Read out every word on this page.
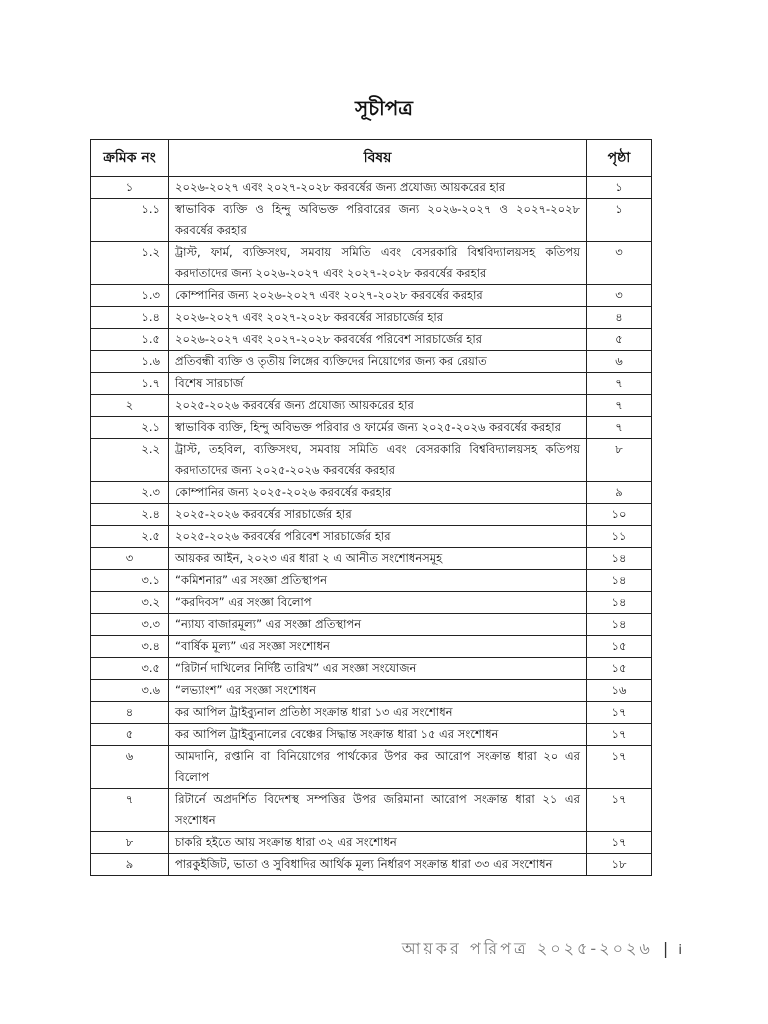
সূচীপত্র
ক্রমিক নং	বিষয়	পৃষ্ঠা
১	২০২৬-২০২৭ এবং ২০২৭-২০২৮ করবর্ষের জন্য প্রযোজ্য আয়করের হার	১
১.১	স্বাভাবিক ব্যক্তি ও হিন্দু অবিভক্ত পরিবারের জন্য ২০২৬-২০২৭ ও ২০২৭-২০২৮ করবর্ষের করহার	১
১.২	ট্রাস্ট, ফার্ম, ব্যক্তিসংঘ, সমবায় সমিতি এবং বেসরকারি বিশ্ববিদ্যালয়সহ কতিপয় করদাতাদের জন্য ২০২৬-২০২৭ এবং ২০২৭-২০২৮ করবর্ষের করহার	৩
১.৩	কোম্পানির জন্য ২০২৬-২০২৭ এবং ২০২৭-২০২৮ করবর্ষের করহার	৩
১.৪	২০২৬-২০২৭ এবং ২০২৭-২০২৮ করবর্ষের সারচার্জের হার	৪
১.৫	২০২৬-২০২৭ এবং ২০২৭-২০২৮ করবর্ষের পরিবেশ সারচার্জের হার	৫
১.৬	প্রতিবন্ধী ব্যক্তি ও তৃতীয় লিঙ্গের ব্যক্তিদের নিয়োগের জন্য কর রেয়াত	৬
১.৭	বিশেষ সারচার্জ	৭
২	২০২৫-২০২৬ করবর্ষের জন্য প্রযোজ্য আয়করের হার	৭
২.১	স্বাভাবিক ব্যক্তি, হিন্দু অবিভক্ত পরিবার ও ফার্মের জন্য ২০২৫-২০২৬ করবর্ষের করহার	৭
২.২	ট্রাস্ট, তহবিল, ব্যক্তিসংঘ, সমবায় সমিতি এবং বেসরকারি বিশ্ববিদ্যালয়সহ কতিপয় করদাতাদের জন্য ২০২৫-২০২৬ করবর্ষের করহার	৮
২.৩	কোম্পানির জন্য ২০২৫-২০২৬ করবর্ষের করহার	৯
২.৪	২০২৫-২০২৬ করবর্ষের সারচার্জের হার	১০
২.৫	২০২৫-২০২৬ করবর্ষের পরিবেশ সারচার্জের হার	১১
৩	আয়কর আইন, ২০২৩ এর ধারা ২ এ আনীত সংশোধনসমূহ	১৪
৩.১	“কমিশনার” এর সংজ্ঞা প্রতিস্থাপন	১৪
৩.২	“করদিবস” এর সংজ্ঞা বিলোপ	১৪
৩.৩	“ন্যায্য বাজারমূল্য” এর সংজ্ঞা প্রতিস্থাপন	১৪
৩.৪	“বার্ষিক মূল্য” এর সংজ্ঞা সংশোধন	১৫
৩.৫	“রিটার্ন দাখিলের নির্দিষ্ট তারিখ” এর সংজ্ঞা সংযোজন	১৫
৩.৬	“লভ্যাংশ” এর সংজ্ঞা সংশোধন	১৬
৪	কর আপিল ট্রাইব্যুনাল প্রতিষ্ঠা সংক্রান্ত ধারা ১৩ এর সংশোধন	১৭
৫	কর আপিল ট্রাইব্যুনালের বেঞ্চের সিদ্ধান্ত সংক্রান্ত ধারা ১৫ এর সংশোধন	১৭
৬	আমদানি, রপ্তানি বা বিনিয়োগের পার্থক্যের উপর কর আরোপ সংক্রান্ত ধারা ২০ এর বিলোপ	১৭
৭	রিটার্নে অপ্রদর্শিত বিদেশস্থ সম্পত্তির উপর জরিমানা আরোপ সংক্রান্ত ধারা ২১ এর সংশোধন	১৭
৮	চাকরি হইতে আয় সংক্রান্ত ধারা ৩২ এর সংশোধন	১৭
৯	পারকুইজিট, ভাতা ও সুবিধাদির আর্থিক মূল্য নির্ধারণ সংক্রান্ত ধারা ৩৩ এর সংশোধন	১৮
আয়কর পরিপত্র ২০২৫-২০২৬ | i
